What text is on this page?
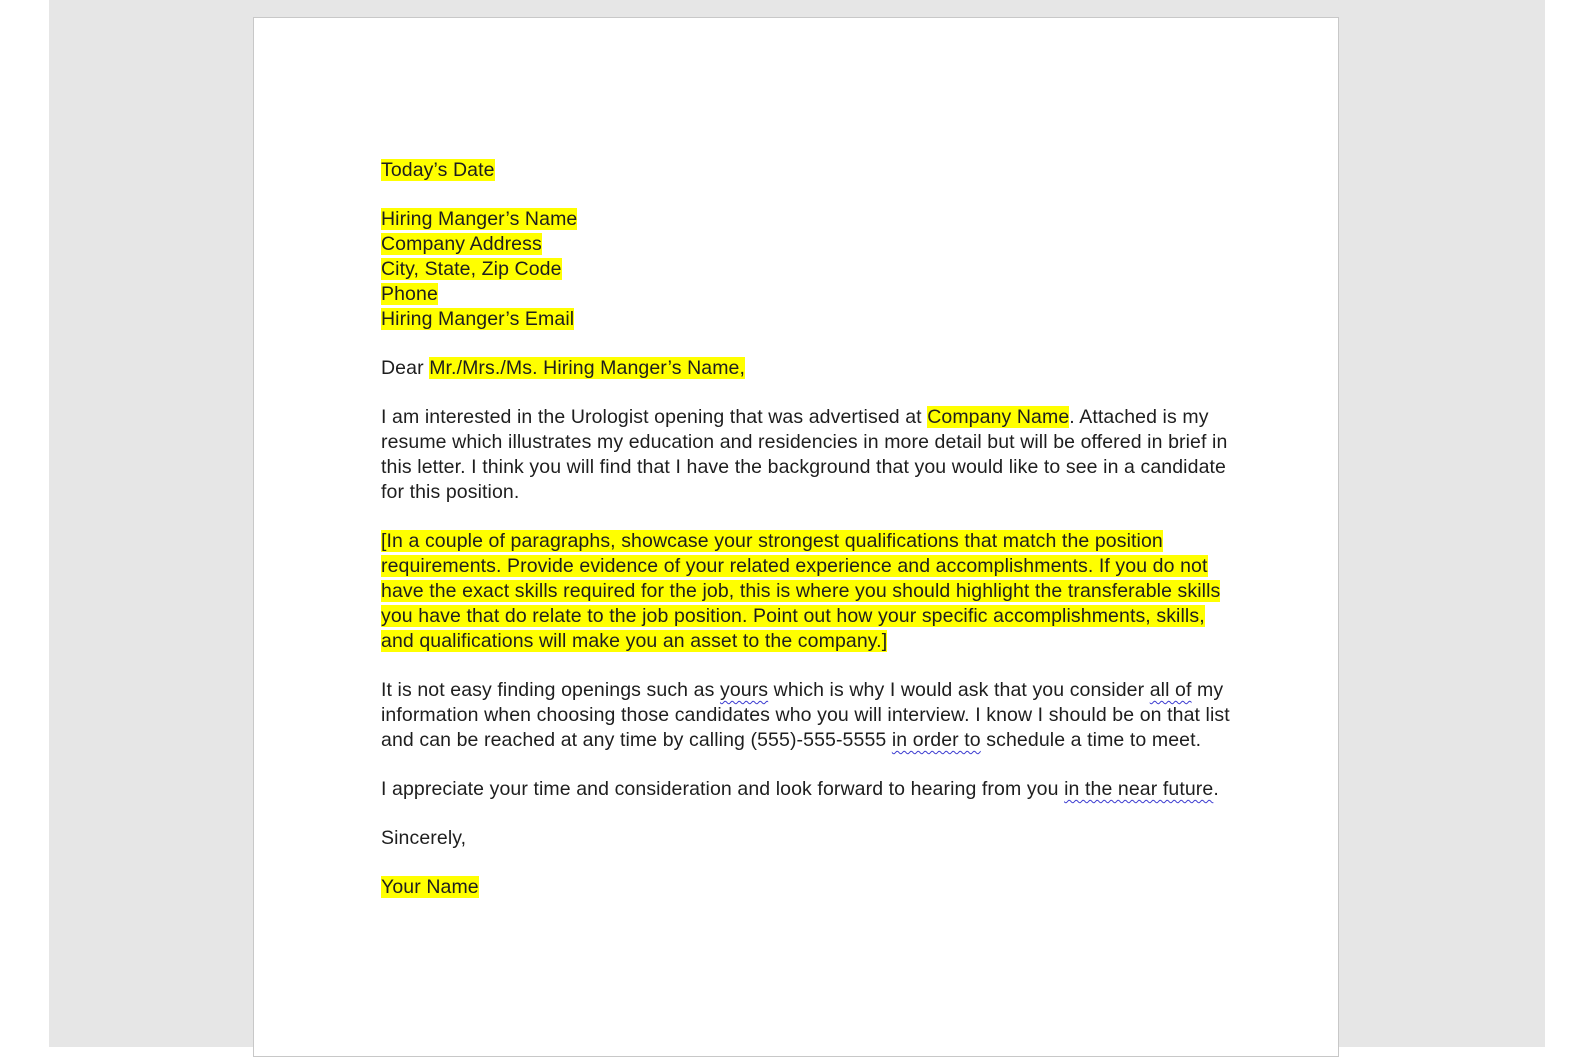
Today’s Date

Hiring Manger’s Name
Company Address
City, State, Zip Code
Phone
Hiring Manger’s Email

Dear Mr./Mrs./Ms. Hiring Manger’s Name,

I am interested in the Urologist opening that was advertised at Company Name. Attached is my resume which illustrates my education and residencies in more detail but will be offered in brief in this letter. I think you will find that I have the background that you would like to see in a candidate for this position.

[In a couple of paragraphs, showcase your strongest qualifications that match the position requirements. Provide evidence of your related experience and accomplishments. If you do not have the exact skills required for the job, this is where you should highlight the transferable skills you have that do relate to the job position. Point out how your specific accomplishments, skills, and qualifications will make you an asset to the company.]

It is not easy finding openings such as yours which is why I would ask that you consider all of my information when choosing those candidates who you will interview. I know I should be on that list and can be reached at any time by calling (555)-555-5555 in order to schedule a time to meet.

I appreciate your time and consideration and look forward to hearing from you in the near future.

Sincerely,

Your Name
